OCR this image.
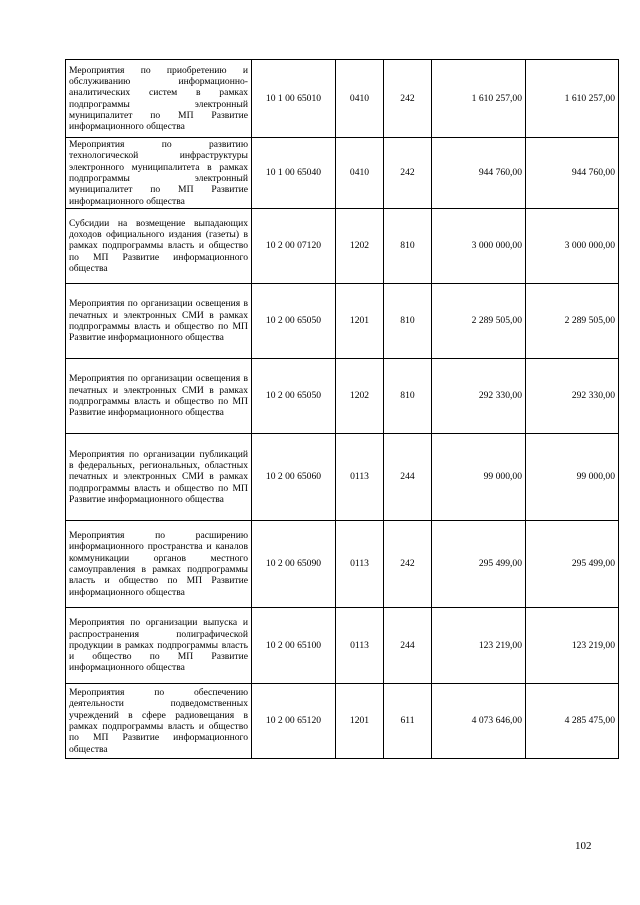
Мероприятия по приобретению и обслуживанию информационно-аналитических систем в рамках подпрограммы электронный муниципалитет по МП Развитие информационного общества	10 1 00 65010	0410	242	1 610 257,00	1 610 257,00
Мероприятия по развитию технологической инфраструктуры электронного муниципалитета в рамках подпрограммы электронный муниципалитет по МП Развитие информационного общества	10 1 00 65040	0410	242	944 760,00	944 760,00
Субсидии на возмещение выпадающих доходов официального издания (газеты) в рамках подпрограммы власть и общество по МП Развитие информационного общества	10 2 00 07120	1202	810	3 000 000,00	3 000 000,00
Мероприятия по организации освещения в печатных и электронных СМИ в рамках подпрограммы власть и общество по МП Развитие информационного общества	10 2 00 65050	1201	810	2 289 505,00	2 289 505,00
Мероприятия по организации освещения в печатных и электронных СМИ в рамках подпрограммы власть и общество по МП Развитие информационного общества	10 2 00 65050	1202	810	292 330,00	292 330,00
Мероприятия по организации публикаций в федеральных, региональных, областных печатных и электронных СМИ в рамках подпрограммы власть и общество по МП Развитие информационного общества	10 2 00 65060	0113	244	99 000,00	99 000,00
Мероприятия по расширению информационного пространства и каналов коммуникации органов местного самоуправления в рамках подпрограммы власть и общество по МП Развитие информационного общества	10 2 00 65090	0113	242	295 499,00	295 499,00
Мероприятия по организации выпуска и распространения полиграфической продукции в рамках подпрограммы власть и общество по МП Развитие информационного общества	10 2 00 65100	0113	244	123 219,00	123 219,00
Мероприятия по обеспечению деятельности подведомственных учреждений в сфере радиовещания в рамках подпрограммы власть и общество по МП Развитие информационного общества	10 2 00 65120	1201	611	4 073 646,00	4 285 475,00
102
